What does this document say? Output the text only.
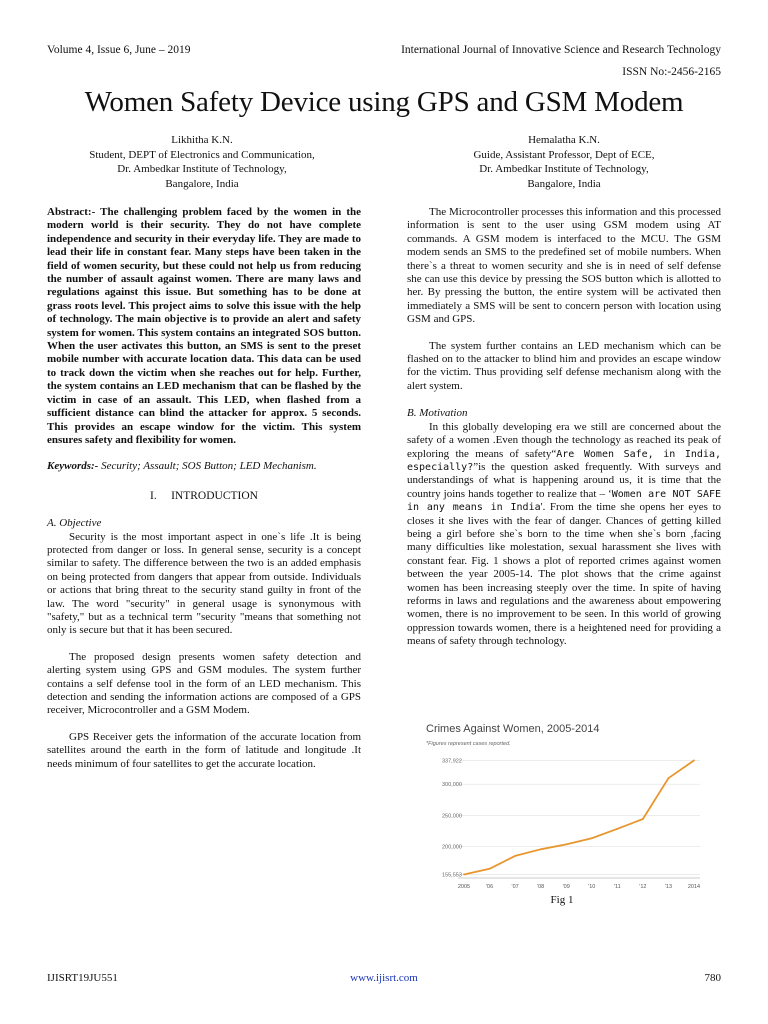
Volume 4, Issue 6, June – 2019	International Journal of Innovative Science and Research Technology
ISSN No:-2456-2165
Women Safety Device using GPS and GSM Modem
Likhitha K.N.
Student, DEPT of Electronics and Communication,
Dr. Ambedkar Institute of Technology,
Bangalore, India
Hemalatha K.N.
Guide, Assistant Professor, Dept of ECE,
Dr. Ambedkar Institute of Technology,
Bangalore, India

Abstract:- The challenging problem faced by the women in the modern world is their security. They do not have complete independence and security in their everyday life. They are made to lead their life in constant fear. Many steps have been taken in the field of women security, but these could not help us from reducing the number of assault against women. There are many laws and regulations against this issue. But something has to be done at grass roots level. This project aims to solve this issue with the help of technology. The main objective is to provide an alert and safety system for women. This system contains an integrated SOS button. When the user activates this button, an SMS is sent to the preset mobile number with accurate location data. This data can be used to track down the victim when she reaches out for help. Further, the system contains an LED mechanism that can be flashed by the victim in case of an assault. This LED, when flashed from a sufficient distance can blind the attacker for approx. 5 seconds. This provides an escape window for the victim. This system ensures safety and flexibility for women.

Keywords:- Security; Assault; SOS Button; LED Mechanism.

I. INTRODUCTION

A. Objective

Security is the most important aspect in one`s life .It is being protected from danger or loss. In general sense, security is a concept similar to safety. The difference between the two is an added emphasis on being protected from dangers that appear from outside. Individuals or actions that bring threat to the security stand guilty in front of the law. The word "security" in general usage is synonymous with "safety," but as a technical term "security "means that something not only is secure but that it has been secured.

The proposed design presents women safety detection and alerting system using GPS and GSM modules. The system further contains a self defense tool in the form of an LED mechanism. This detection and sending the information actions are composed of a GPS receiver, Microcontroller and a GSM Modem.

GPS Receiver gets the information of the accurate location from satellites around the earth in the form of latitude and longitude .It needs minimum of four satellites to get the accurate location.

The Microcontroller processes this information and this processed information is sent to the user using GSM modem using AT commands. A GSM modem is interfaced to the MCU. The GSM modem sends an SMS to the predefined set of mobile numbers. When there`s a threat to women security and she is in need of self defense she can use this device by pressing the SOS button which is allotted to her. By pressing the button, the entire system will be activated then immediately a SMS will be sent to concern person with location using GSM and GPS.

The system further contains an LED mechanism which can be flashed on to the attacker to blind him and provides an escape window for the victim. Thus providing self defense mechanism along with the alert system.

B. Motivation

In this globally developing era we still are concerned about the safety of a women .Even though the technology as reached its peak of exploring the means of safety“Are Women Safe, in India, especially?”is the question asked frequently. With surveys and understandings of what is happening around us, it is time that the country joins hands together to realize that – ‘Women are NOT SAFE in any means in India'. From the time she opens her eyes to closes it she lives with the fear of danger. Chances of getting killed being a girl before she`s born to the time when she`s born ,facing many difficulties like molestation, sexual harassment she lives with constant fear. Fig. 1 shows a plot of reported crimes against women between the year 2005-14. The plot shows that the crime against women has been increasing steeply over the time. In spite of having reforms in laws and regulations and the awareness about empowering women, there is no improvement to be seen. In this world of growing oppression towards women, there is a heightened need for providing a means of safety through technology.

Crimes Against Women, 2005-2014
*Figures represent cases reported.
337,922
300,000
250,000
200,000
155,553
2005	'06	'07	'08	'09	'10	'11	'12	'13	2014
Fig 1
IJISRT19JU551	www.ijisrt.com	780
